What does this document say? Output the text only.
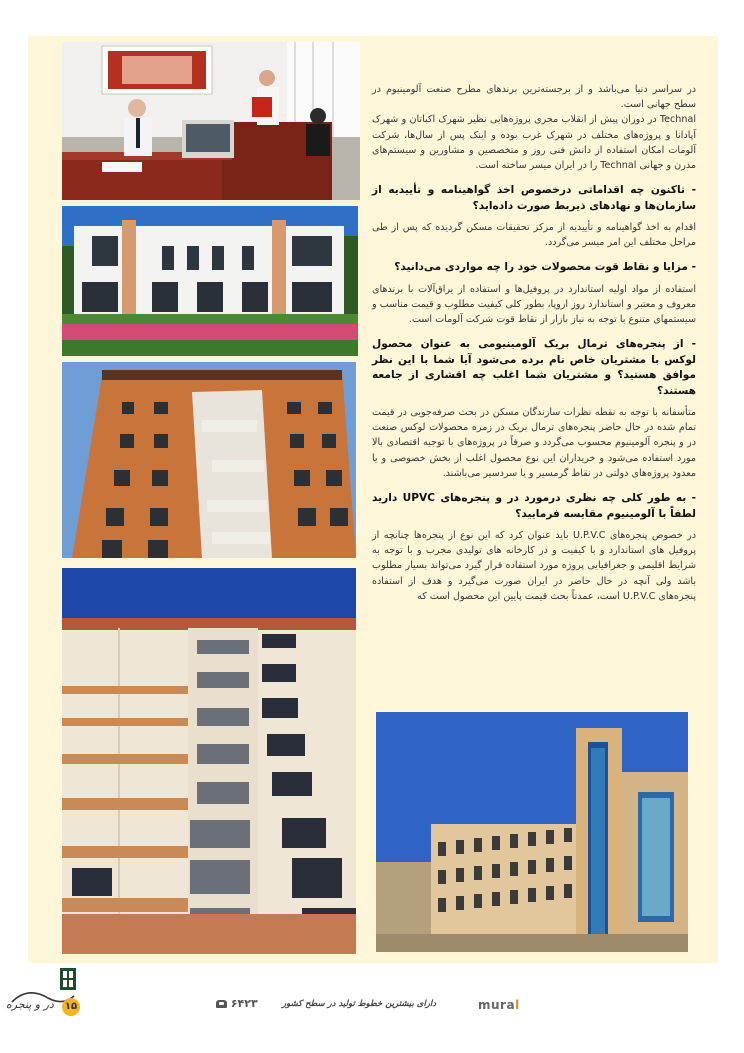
در سراسر دنیا می‌باشد و از برجسته‌ترین برندهای مطرح صنعت آلومینیوم در سطح جهانی است.

Technal در دوران پیش از انقلاب مجری پروژه‌هایی نظیر شهرک اکباتان و شهرک آپادانا و پروژه‌های مختلف در شهرک غرب بوده و اینک پس از سال‌ها، شرکت آلومات امکان استفاده از دانش فنی روز و متخصصین و مشاورین و سیستم‌های مدرن و جهانی Technal را در ایران میسر ساخته است.

- تاکنون چه اقداماتی درخصوص اخذ گواهینامه و تأییدیه از سازمان‌ها و نهادهای ذیربط صورت داده‌اید؟

اقدام به اخذ گواهینامه و تأییدیه از مرکز تحقیقات مسکن گردیده که پس از طی مراحل مختلف این امر میسر می‌گردد.

- مزایا و نقاط قوت محصولات خود را چه مواردی می‌دانید؟

استفاده از مواد اولیه استاندارد در پروفیل‌ها و استفاده از یراق‌آلات با برندهای معروف و معتبر و استاندارد روز اروپا، بطور کلی کیفیت مطلوب و قیمت مناسب و سیستمهای متنوع با توجه به نیاز بازار از نقاط قوت شرکت آلومات است.

- از پنجره‌های ترمال بریک آلومینیومی به عنوان محصول لوکس با مشتریان خاص نام برده می‌شود آیا شما با این نظر موافق هستید؟ و مشتریان شما اغلب چه اقشاری از جامعه هستند؟

متأسفانه با توجه به نقطه نظرات سازندگان مسکن در بحث صرفه‌جویی در قیمت تمام شده در حال حاضر پنجره‌های ترمال بریک در زمره محصولات لوکس صنعت در و پنجره آلومینیوم محسوب می‌گردد و صرفاً در پروژه‌های با توجیه اقتصادی بالا مورد استفاده می‌شود و خریداران این نوع محصول اغلب از بخش خصوصی و یا معدود پروژه‌های دولتی در نقاط گرمسیر و یا سردسیر می‌باشند.

- به طور کلی چه نظری درمورد در و پنجره‌های UPVC دارید لطفاً با آلومینیوم مقایسه فرمایید؟

در خصوص پنجره‌های U.P.V.C باید عنوان کرد که این نوع از پنجره‌ها چنانچه از پروفیل های استاندارد و با کیفیت و در کارخانه های تولیدی مجرب و با توجه به شرایط اقلیمی و جغرافیایی پروژه مورد استفاده قرار گیرد می‌تواند بسیار مطلوب باشد ولی آنچه در حال حاضر در ایران صورت می‌گیرد و هدف از استفاده پنجره‌های U.P.V.C است، عمدتاً بحث قیمت پایین این محصول است که

در و پنجره ۱۵	۶۴۲۳	دارای بیشترین خطوط تولید در سطح کشور	mural
